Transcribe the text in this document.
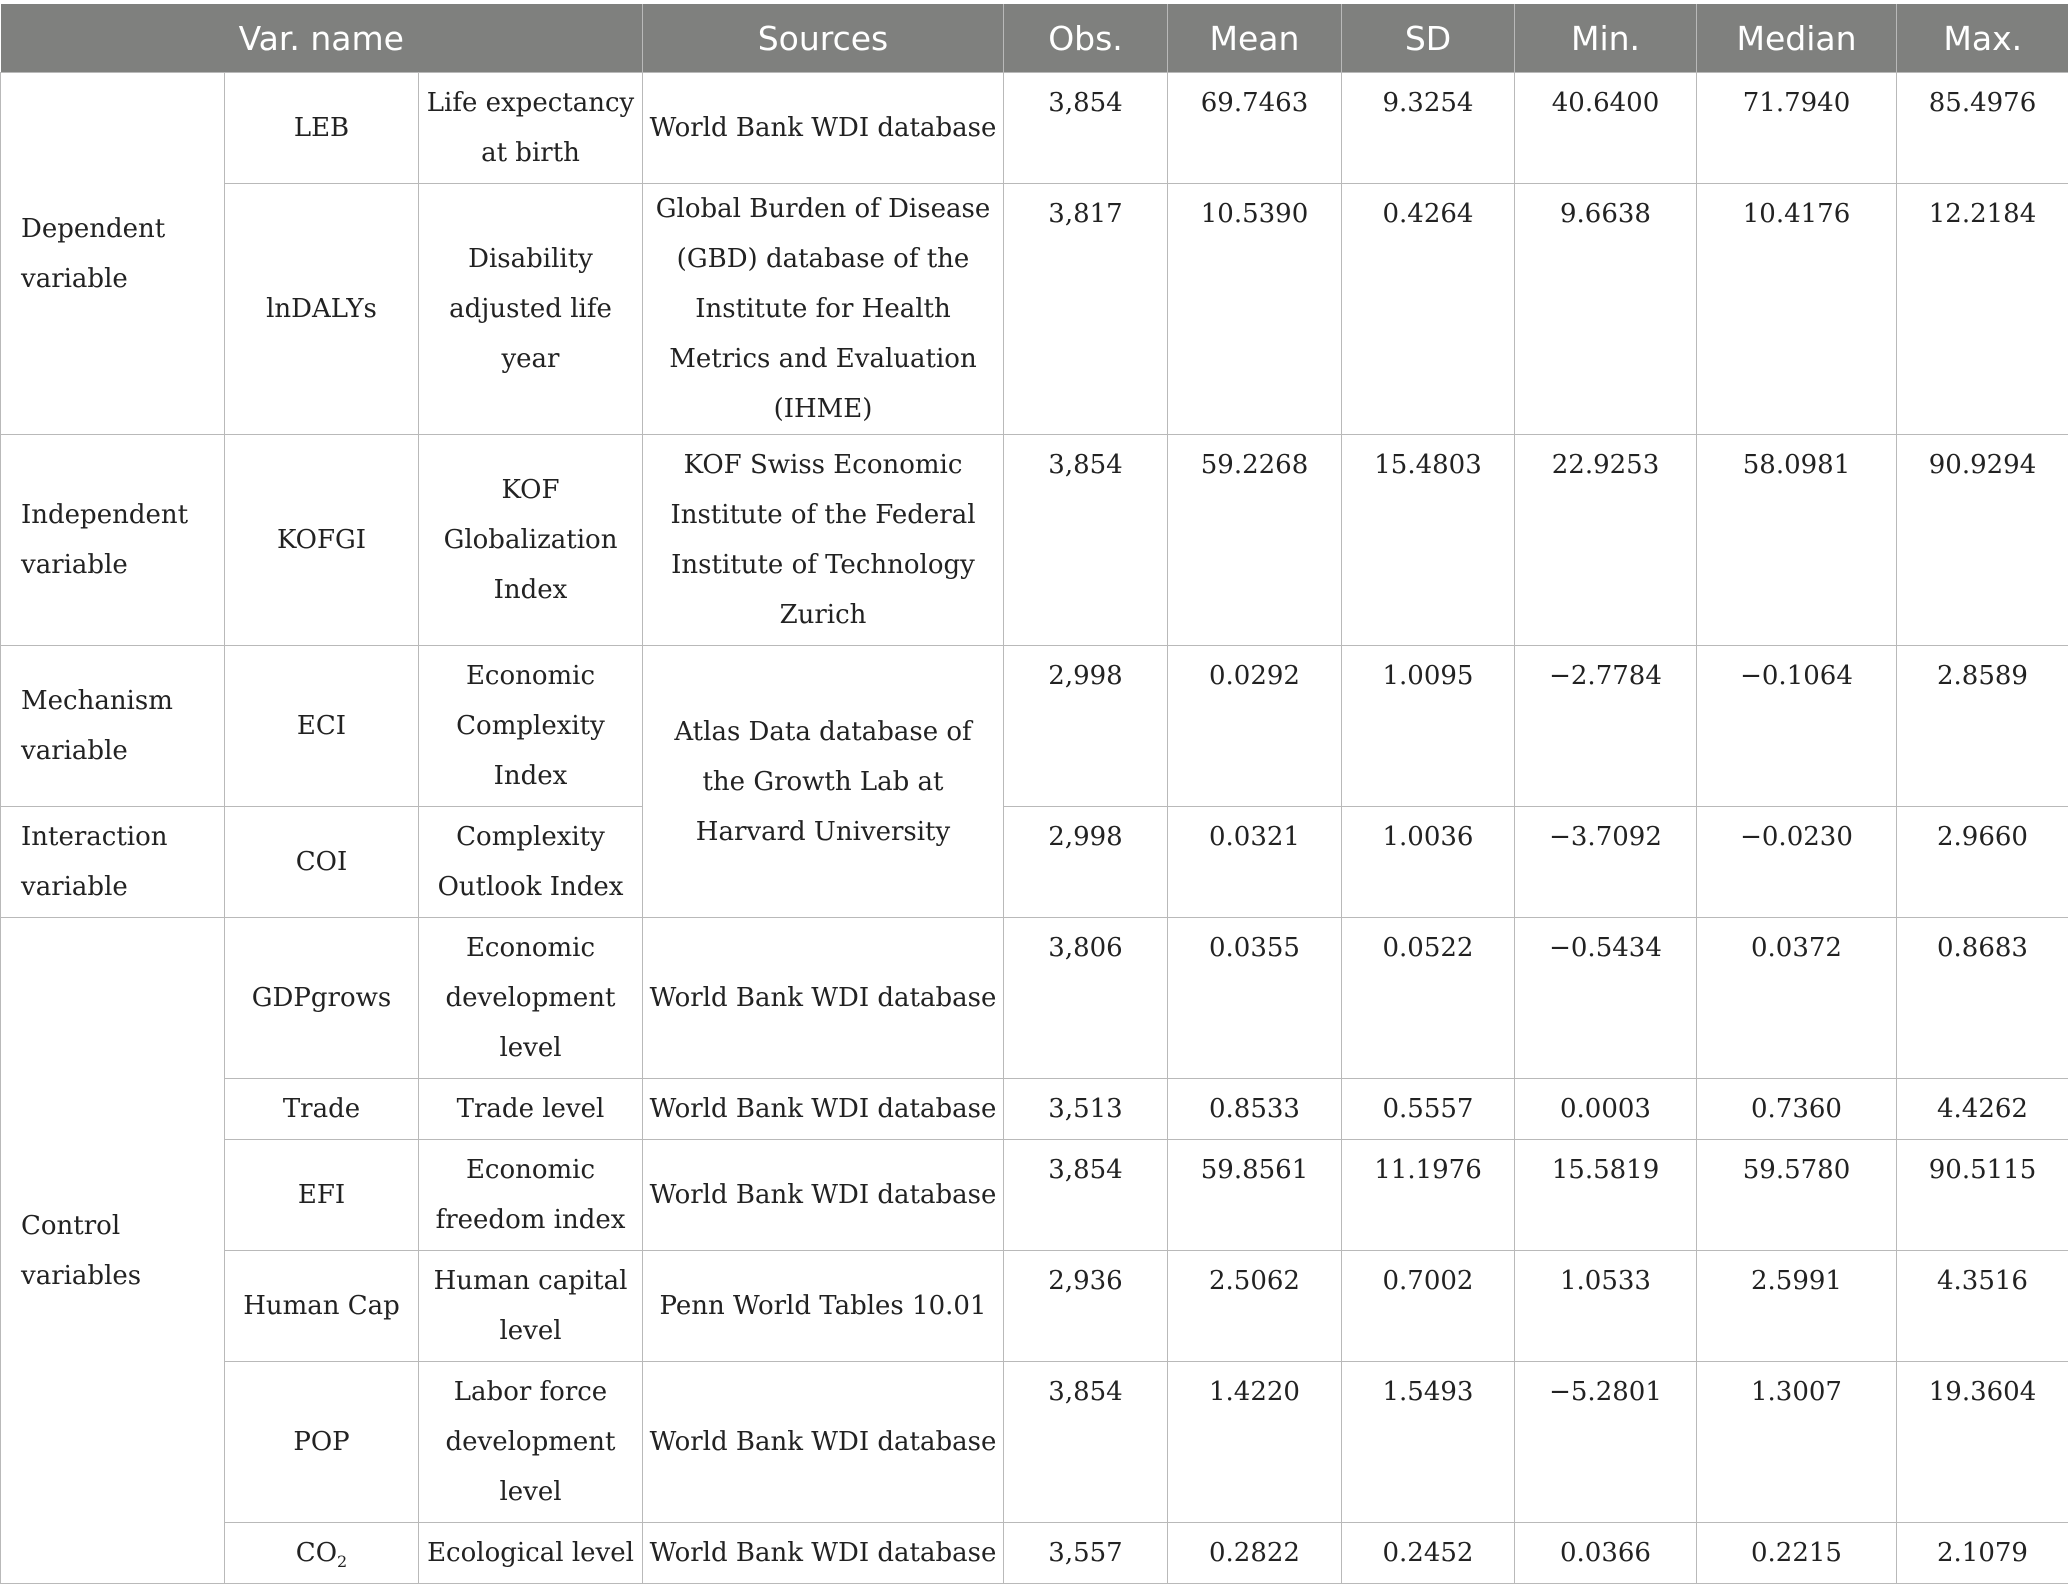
Var. name			Sources	Obs.	Mean	SD	Min.	Median	Max.
Dependent variable	LEB	Life expectancy at birth	World Bank WDI database	3,854	69.7463	9.3254	40.6400	71.7940	85.4976
	lnDALYs	Disability adjusted life year	Global Burden of Disease (GBD) database of the Institute for Health Metrics and Evaluation (IHME)	3,817	10.5390	0.4264	9.6638	10.4176	12.2184
Independent variable	KOFGI	KOF Globalization Index	KOF Swiss Economic Institute of the Federal Institute of Technology Zurich	3,854	59.2268	15.4803	22.9253	58.0981	90.9294
Mechanism variable	ECI	Economic Complexity Index	Atlas Data database of the Growth Lab at Harvard University	2,998	0.0292	1.0095	−2.7784	−0.1064	2.8589
Interaction variable	COI	Complexity Outlook Index		2,998	0.0321	1.0036	−3.7092	−0.0230	2.9660
Control variables	GDPgrows	Economic development level	World Bank WDI database	3,806	0.0355	0.0522	−0.5434	0.0372	0.8683
	Trade	Trade level	World Bank WDI database	3,513	0.8533	0.5557	0.0003	0.7360	4.4262
	EFI	Economic freedom index	World Bank WDI database	3,854	59.8561	11.1976	15.5819	59.5780	90.5115
	Human Cap	Human capital level	Penn World Tables 10.01	2,936	2.5062	0.7002	1.0533	2.5991	4.3516
	POP	Labor force development level	World Bank WDI database	3,854	1.4220	1.5493	−5.2801	1.3007	19.3604
	$CO_2$	Ecological level	World Bank WDI database	3,557	0.2822	0.2452	0.0366	0.2215	2.1079
